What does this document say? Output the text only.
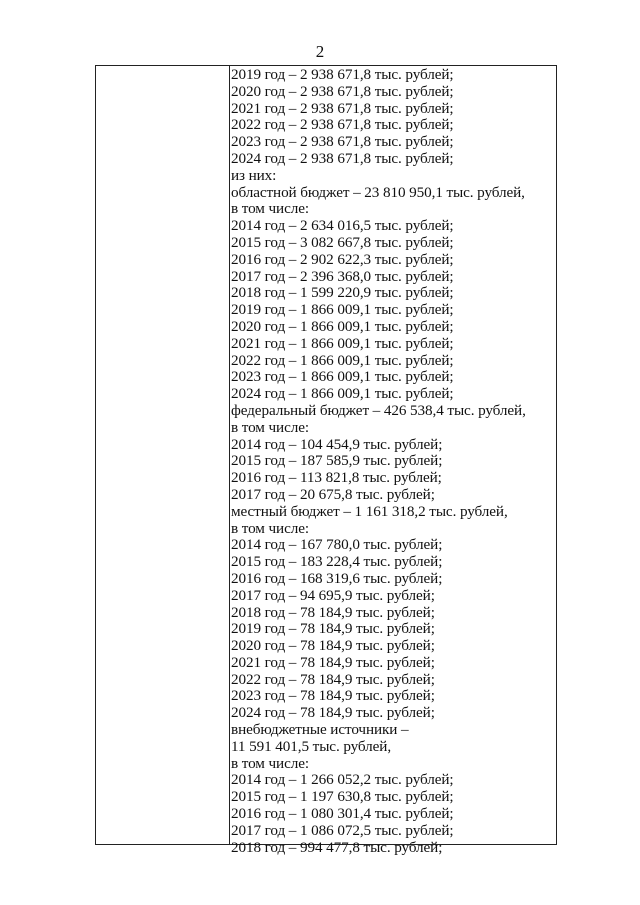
2
2019 год – 2 938 671,8 тыс. рублей;
2020 год – 2 938 671,8 тыс. рублей;
2021 год – 2 938 671,8 тыс. рублей;
2022 год – 2 938 671,8 тыс. рублей;
2023 год – 2 938 671,8 тыс. рублей;
2024 год – 2 938 671,8 тыс. рублей;
из них:
областной бюджет – 23 810 950,1 тыс. рублей,
в том числе:
2014 год – 2 634 016,5 тыс. рублей;
2015 год – 3 082 667,8 тыс. рублей;
2016 год – 2 902 622,3 тыс. рублей;
2017 год – 2 396 368,0 тыс. рублей;
2018 год – 1 599 220,9 тыс. рублей;
2019 год – 1 866 009,1 тыс. рублей;
2020 год – 1 866 009,1 тыс. рублей;
2021 год – 1 866 009,1 тыс. рублей;
2022 год – 1 866 009,1 тыс. рублей;
2023 год – 1 866 009,1 тыс. рублей;
2024 год – 1 866 009,1 тыс. рублей;
федеральный бюджет – 426 538,4 тыс. рублей,
в том числе:
2014 год – 104 454,9 тыс. рублей;
2015 год – 187 585,9 тыс. рублей;
2016 год – 113 821,8 тыс. рублей;
2017 год – 20 675,8 тыс. рублей;
местный бюджет – 1 161 318,2 тыс. рублей,
в том числе:
2014 год – 167 780,0 тыс. рублей;
2015 год – 183 228,4 тыс. рублей;
2016 год – 168 319,6 тыс. рублей;
2017 год – 94 695,9 тыс. рублей;
2018 год – 78 184,9 тыс. рублей;
2019 год – 78 184,9 тыс. рублей;
2020 год – 78 184,9 тыс. рублей;
2021 год – 78 184,9 тыс. рублей;
2022 год – 78 184,9 тыс. рублей;
2023 год – 78 184,9 тыс. рублей;
2024 год – 78 184,9 тыс. рублей;
внебюджетные источники –
11 591 401,5 тыс. рублей,
в том числе:
2014 год – 1 266 052,2 тыс. рублей;
2015 год – 1 197 630,8 тыс. рублей;
2016 год – 1 080 301,4 тыс. рублей;
2017 год – 1 086 072,5 тыс. рублей;
2018 год – 994 477,8 тыс. рублей;
